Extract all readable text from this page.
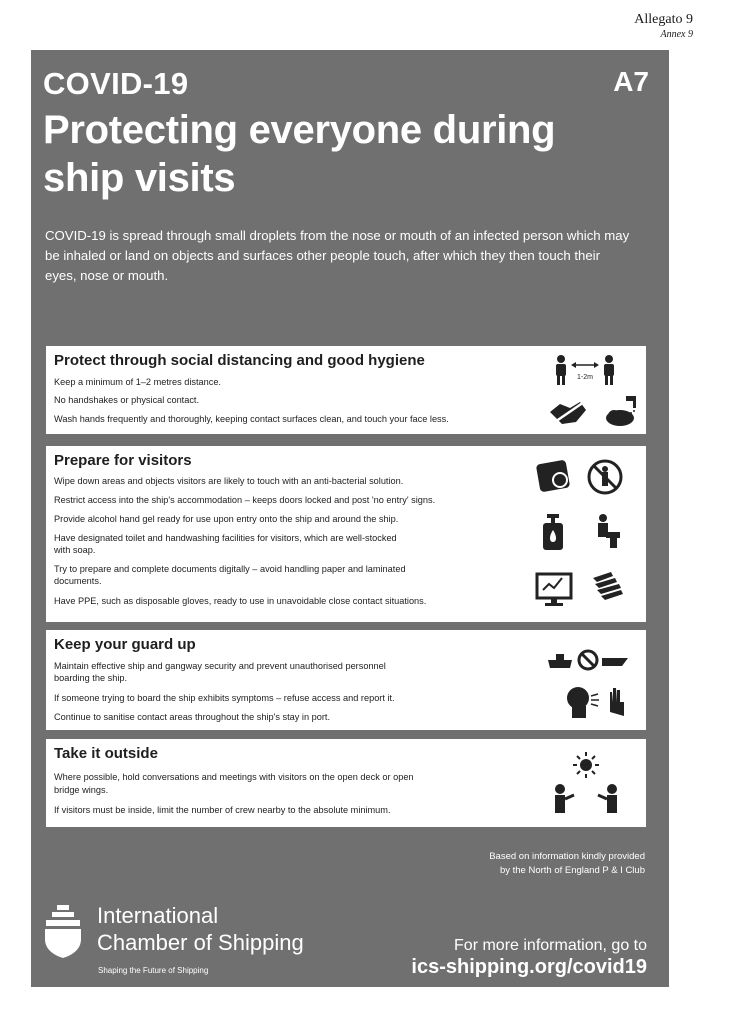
Allegato 9
Annex 9
COVID-19	A7
Protecting everyone during ship visits
COVID-19 is spread through small droplets from the nose or mouth of an infected person which may be inhaled or land on objects and surfaces other people touch, after which they then touch their eyes, nose or mouth.
Protect through social distancing and good hygiene
Keep a minimum of 1–2 metres distance.
No handshakes or physical contact.
Wash hands frequently and thoroughly, keeping contact surfaces clean, and touch your face less.
1-2m
Prepare for visitors
Wipe down areas and objects visitors are likely to touch with an anti-bacterial solution.
Restrict access into the ship's accommodation – keeps doors locked and post 'no entry' signs.
Provide alcohol hand gel ready for use upon entry onto the ship and around the ship.
Have designated toilet and handwashing facilities for visitors, which are well-stocked
with soap.
Try to prepare and complete documents digitally – avoid handling paper and laminated
documents.
Have PPE, such as disposable gloves, ready to use in unavoidable close contact situations.
Keep your guard up
Maintain effective ship and gangway security and prevent unauthorised personnel
boarding the ship.
If someone trying to board the ship exhibits symptoms – refuse access and report it.
Continue to sanitise contact areas throughout the ship's stay in port.
Take it outside
Where possible, hold conversations and meetings with visitors on the open deck or open
bridge wings.
If visitors must be inside, limit the number of crew nearby to the absolute minimum.
Based on information kindly provided
by the North of England P & I Club
International
Chamber of Shipping
Shaping the Future of Shipping
For more information, go to
ics-shipping.org/covid19
